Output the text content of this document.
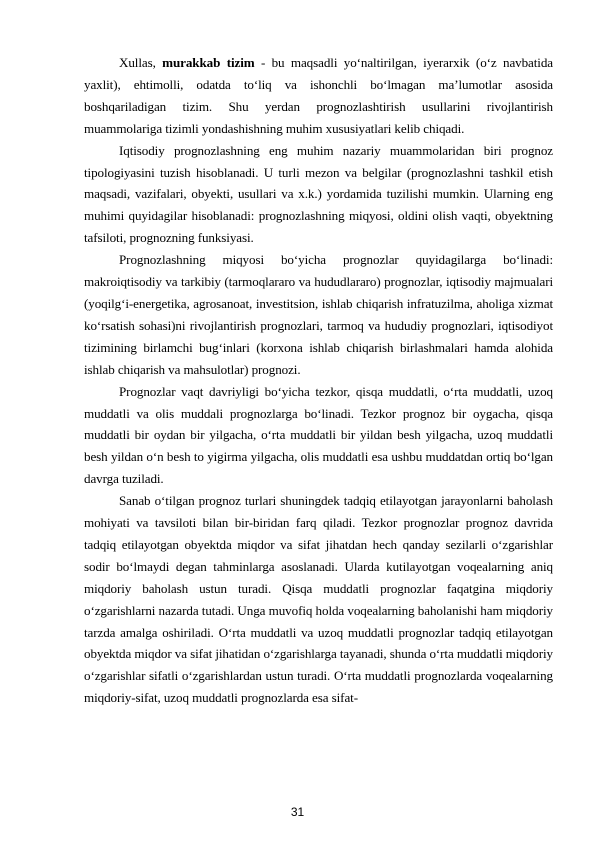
Xullas, murakkab tizim - bu maqsadli yo‘naltirilgan, iyerarxik (o‘z navbatida yaxlit), ehtimolli, odatda to‘liq va ishonchli bo‘lmagan ma’lumotlar asosida boshqariladigan tizim. Shu yerdan prognozlashtirish usullarini rivojlantirish muammolariga tizimli yondashishning muhim xususiyatlari kelib chiqadi.

Iqtisodiy prognozlashning eng muhim nazariy muammolaridan biri prognoz tipologiyasini tuzish hisoblanadi. U turli mezon va belgilar (prognozlashni tashkil etish maqsadi, vazifalari, obyekti, usullari va x.k.) yordamida tuzilishi mumkin. Ularning eng muhimi quyidagilar hisoblanadi: prognozlashning miqyosi, oldini olish vaqti, obyektning tafsiloti, prognozning funksiyasi.

Prognozlashning miqyosi bo‘yicha prognozlar quyidagilarga bo‘linadi: makroiqtisodiy va tarkibiy (tarmoqlararo va hududlararo) prognozlar, iqtisodiy majmualari (yoqilg‘i-energetika, agrosanoat, investitsion, ishlab chiqarish infratuzilma, aholiga xizmat ko‘rsatish sohasi)ni rivojlantirish prognozlari, tarmoq va hududiy prognozlari, iqtisodiyot tizimining birlamchi bug‘inlari (korxona ishlab chiqarish birlashmalari hamda alohida ishlab chiqarish va mahsulotlar) prognozi.

Prognozlar vaqt davriyligi bo‘yicha tezkor, qisqa muddatli, o‘rta muddatli, uzoq muddatli va olis muddali prognozlarga bo‘linadi. Tezkor prognoz bir oygacha, qisqa muddatli bir oydan bir yilgacha, o‘rta muddatli bir yildan besh yilgacha, uzoq muddatli besh yildan o‘n besh to yigirma yilgacha, olis muddatli esa ushbu muddatdan ortiq bo‘lgan davrga tuziladi.

Sanab o‘tilgan prognoz turlari shuningdek tadqiq etilayotgan jarayonlarni baholash mohiyati va tavsiloti bilan bir-biridan farq qiladi. Tezkor prognozlar prognoz davrida tadqiq etilayotgan obyektda miqdor va sifat jihatdan hech qanday sezilarli o‘zgarishlar sodir bo‘lmaydi degan tahminlarga asoslanadi. Ularda kutilayotgan voqealarning aniq miqdoriy baholash ustun turadi. Qisqa muddatli prognozlar faqatgina miqdoriy o‘zgarishlarni nazarda tutadi. Unga muvofiq holda voqealarning baholanishi ham miqdoriy tarzda amalga oshiriladi. O‘rta muddatli va uzoq muddatli prognozlar tadqiq etilayotgan obyektda miqdor va sifat jihatidan o‘zgarishlarga tayanadi, shunda o‘rta muddatli miqdoriy o‘zgarishlar sifatli o‘zgarishlardan ustun turadi. O‘rta muddatli prognozlarda voqealarning miqdoriy-sifat, uzoq muddatli prognozlarda esa sifat-

31
